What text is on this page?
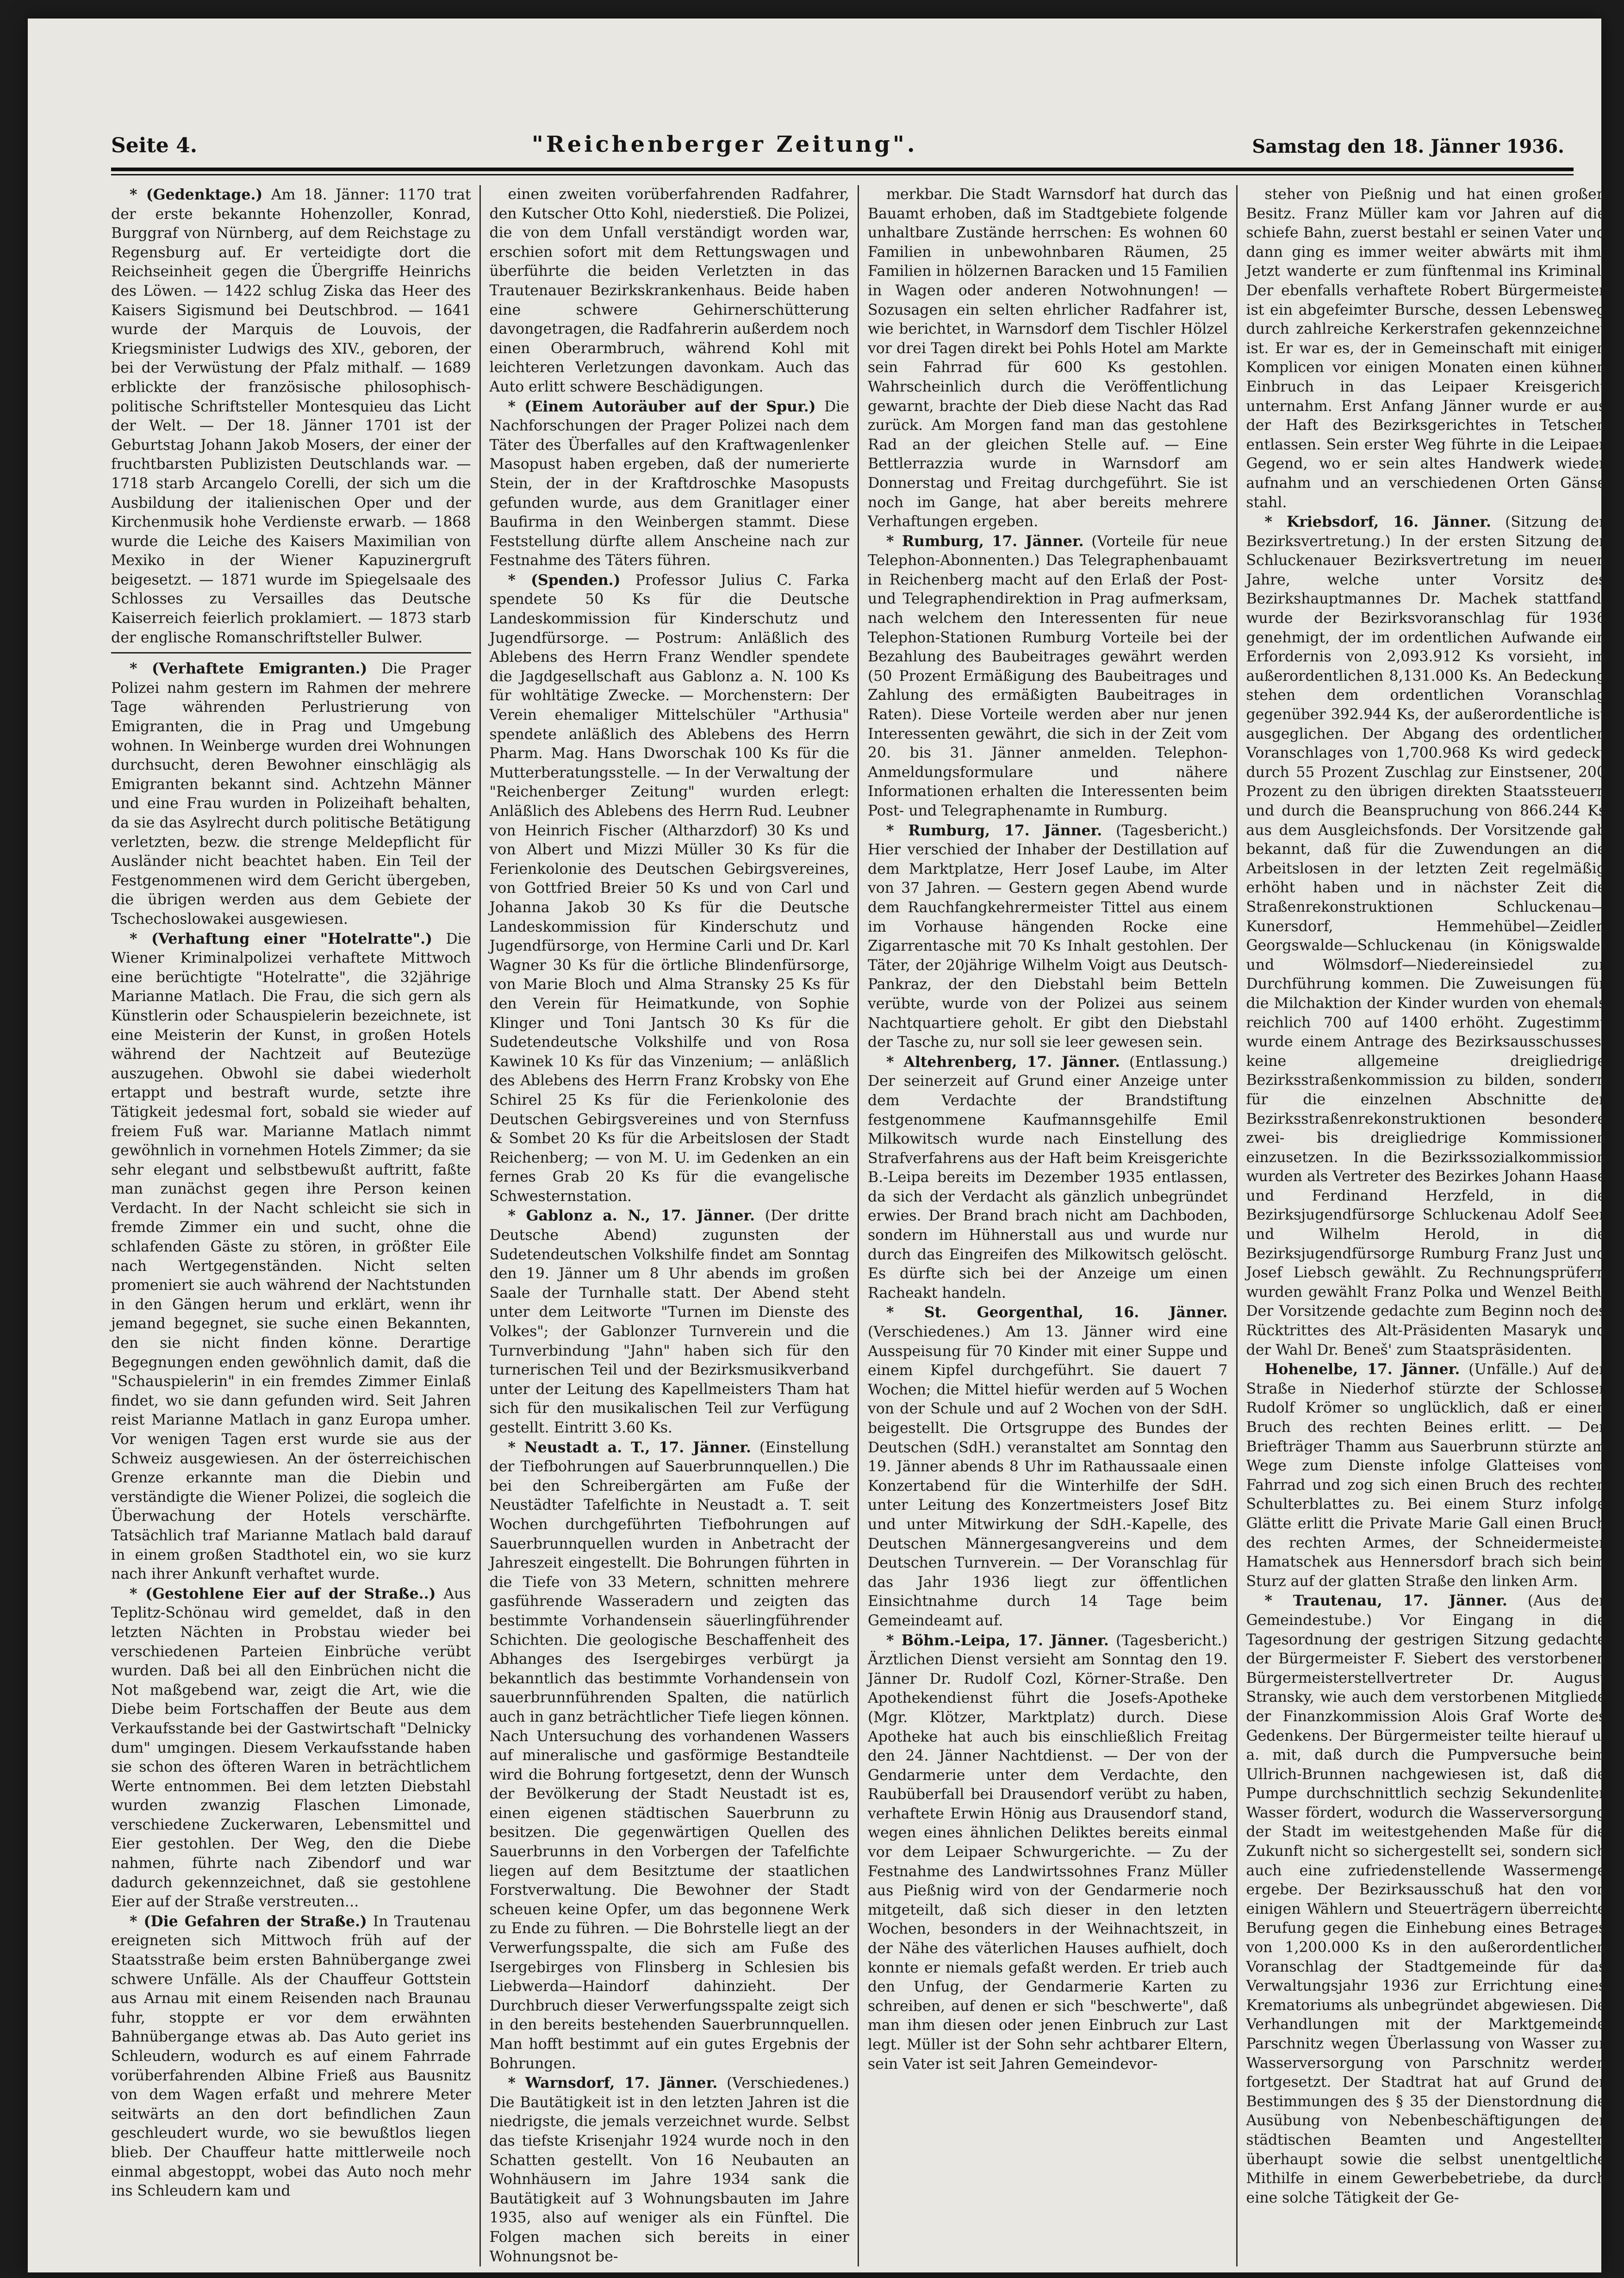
Seite 4.	"Reichenberger Zeitung".	Samstag den 18. Jänner 1936.

* (Gedenktage.) Am 18. Jänner: 1170 trat der erste bekannte Hohenzoller, Konrad, Burggraf von Nürnberg, auf dem Reichstage zu Regensburg auf. Er verteidigte dort die Reichseinheit gegen die Übergriffe Heinrichs des Löwen. — 1422 schlug Ziska das Heer des Kaisers Sigismund bei Deutschbrod. — 1641 wurde der Marquis de Louvois, der Kriegsminister Ludwigs des XIV., geboren, der bei der Verwüstung der Pfalz mithalf. — 1689 erblickte der französische philosophisch-politische Schriftsteller Montesquieu das Licht der Welt. — Der 18. Jänner 1701 ist der Geburtstag Johann Jakob Mosers, der einer der fruchtbarsten Publizisten Deutschlands war. — 1718 starb Arcangelo Corelli, der sich um die Ausbildung der italienischen Oper und der Kirchenmusik hohe Verdienste erwarb. — 1868 wurde die Leiche des Kaisers Maximilian von Mexiko in der Wiener Kapuzinergruft beigesetzt. — 1871 wurde im Spiegelsaale des Schlosses zu Versailles das Deutsche Kaiserreich feierlich proklamiert. — 1873 starb der englische Romanschriftsteller Bulwer.

* (Verhaftete Emigranten.) Die Prager Polizei nahm gestern im Rahmen der mehrere Tage währenden Perlustrierung von Emigranten, die in Prag und Umgebung wohnen. In Weinberge wurden drei Wohnungen durchsucht, deren Bewohner einschlägig als Emigranten bekannt sind. Achtzehn Männer und eine Frau wurden in Polizeihaft behalten, da sie das Asylrecht durch politische Betätigung verletzten, bezw. die strenge Meldepflicht für Ausländer nicht beachtet haben. Ein Teil der Festgenommenen wird dem Gericht übergeben, die übrigen werden aus dem Gebiete der Tschechoslowakei ausgewiesen.

* (Verhaftung einer "Hotelratte".) Die Wiener Kriminalpolizei verhaftete Mittwoch eine berüchtigte "Hotelratte", die 32jährige Marianne Matlach. Die Frau, die sich gern als Künstlerin oder Schauspielerin bezeichnete, ist eine Meisterin der Kunst, in großen Hotels während der Nachtzeit auf Beutezüge auszugehen. Obwohl sie dabei wiederholt ertappt und bestraft wurde, setzte ihre Tätigkeit jedesmal fort, sobald sie wieder auf freiem Fuß war. Marianne Matlach nimmt gewöhnlich in vornehmen Hotels Zimmer; da sie sehr elegant und selbstbewußt auftritt, faßte man zunächst gegen ihre Person keinen Verdacht. In der Nacht schleicht sie sich in fremde Zimmer ein und sucht, ohne die schlafenden Gäste zu stören, in größter Eile nach Wertgegenständen. Nicht selten promeniert sie auch während der Nachtstunden in den Gängen herum und erklärt, wenn ihr jemand begegnet, sie suche einen Bekannten, den sie nicht finden könne. Derartige Begegnungen enden gewöhnlich damit, daß die "Schauspielerin" in ein fremdes Zimmer Einlaß findet, wo sie dann gefunden wird. Seit Jahren reist Marianne Matlach in ganz Europa umher. Vor wenigen Tagen erst wurde sie aus der Schweiz ausgewiesen. An der österreichischen Grenze erkannte man die Diebin und verständigte die Wiener Polizei, die sogleich die Überwachung der Hotels verschärfte. Tatsächlich traf Marianne Matlach bald darauf in einem großen Stadthotel ein, wo sie kurz nach ihrer Ankunft verhaftet wurde.

* (Gestohlene Eier auf der Straße..) Aus Teplitz-Schönau wird gemeldet, daß in den letzten Nächten in Probstau wieder bei verschiedenen Parteien Einbrüche verübt wurden. Daß bei all den Einbrüchen nicht die Not maßgebend war, zeigt die Art, wie die Diebe beim Fortschaffen der Beute aus dem Verkaufsstande bei der Gastwirtschaft "Delnicky dum" umgingen. Diesem Verkaufsstande haben sie schon des öfteren Waren in beträchtlichem Werte entnommen. Bei dem letzten Diebstahl wurden zwanzig Flaschen Limonade, verschiedene Zuckerwaren, Lebensmittel und Eier gestohlen. Der Weg, den die Diebe nahmen, führte nach Zibendorf und war dadurch gekennzeichnet, daß sie gestohlene Eier auf der Straße verstreuten...

* (Die Gefahren der Straße.) In Trautenau ereigneten sich Mittwoch früh auf der Staatsstraße beim ersten Bahnübergange zwei schwere Unfälle. Als der Chauffeur Gottstein aus Arnau mit einem Reisenden nach Braunau fuhr, stoppte er vor dem erwähnten Bahnübergange etwas ab. Das Auto geriet ins Schleudern, wodurch es auf einem Fahrrade vorüberfahrenden Albine Frieß aus Bausnitz von dem Wagen erfaßt und mehrere Meter seitwärts an den dort befindlichen Zaun geschleudert wurde, wo sie bewußtlos liegen blieb. Der Chauffeur hatte mittlerweile noch einmal abgestoppt, wobei das Auto noch mehr ins Schleudern kam und

einen zweiten vorüberfahrenden Radfahrer, den Kutscher Otto Kohl, niederstieß. Die Polizei, die von dem Unfall verständigt worden war, erschien sofort mit dem Rettungswagen und überführte die beiden Verletzten in das Trautenauer Bezirkskrankenhaus. Beide haben eine schwere Gehirnerschütterung davongetragen, die Radfahrerin außerdem noch einen Oberarmbruch, während Kohl mit leichteren Verletzungen davonkam. Auch das Auto erlitt schwere Beschädigungen.

* (Einem Autoräuber auf der Spur.) Die Nachforschungen der Prager Polizei nach dem Täter des Überfalles auf den Kraftwagenlenker Masopust haben ergeben, daß der numerierte Stein, der in der Kraftdroschke Masopusts gefunden wurde, aus dem Granitlager einer Baufirma in den Weinbergen stammt. Diese Feststellung dürfte allem Anscheine nach zur Festnahme des Täters führen.

* (Spenden.) Professor Julius C. Farka spendete 50 Ks für die Deutsche Landeskommission für Kinderschutz und Jugendfürsorge. — Postrum: Anläßlich des Ablebens des Herrn Franz Wendler spendete die Jagdgesellschaft aus Gablonz a. N. 100 Ks für wohltätige Zwecke. — Morchenstern: Der Verein ehemaliger Mittelschüler "Arthusia" spendete anläßlich des Ablebens des Herrn Pharm. Mag. Hans Dworschak 100 Ks für die Mutterberatungsstelle. — In der Verwaltung der "Reichenberger Zeitung" wurden erlegt: Anläßlich des Ablebens des Herrn Rud. Leubner von Heinrich Fischer (Altharzdorf) 30 Ks und von Albert und Mizzi Müller 30 Ks für die Ferienkolonie des Deutschen Gebirgsvereines, von Gottfried Breier 50 Ks und von Carl und Johanna Jakob 30 Ks für die Deutsche Landeskommission für Kinderschutz und Jugendfürsorge, von Hermine Carli und Dr. Karl Wagner 30 Ks für die örtliche Blindenfürsorge, von Marie Bloch und Alma Stransky 25 Ks für den Verein für Heimatkunde, von Sophie Klinger und Toni Jantsch 30 Ks für die Sudetendeutsche Volkshilfe und von Rosa Kawinek 10 Ks für das Vinzenium; — anläßlich des Ablebens des Herrn Franz Krobsky von Ehe Schirel 25 Ks für die Ferienkolonie des Deutschen Gebirgsvereines und von Sternfuss & Sombet 20 Ks für die Arbeitslosen der Stadt Reichenberg; — von M. U. im Gedenken an ein fernes Grab 20 Ks für die evangelische Schwesternstation.

* Gablonz a. N., 17. Jänner. (Der dritte Deutsche Abend) zugunsten der Sudetendeutschen Volkshilfe findet am Sonntag den 19. Jänner um 8 Uhr abends im großen Saale der Turnhalle statt. Der Abend steht unter dem Leitworte "Turnen im Dienste des Volkes"; der Gablonzer Turnverein und die Turnverbindung "Jahn" haben sich für den turnerischen Teil und der Bezirksmusikverband unter der Leitung des Kapellmeisters Tham hat sich für den musikalischen Teil zur Verfügung gestellt. Eintritt 3.60 Ks.

* Neustadt a. T., 17. Jänner. (Einstellung der Tiefbohrungen auf Sauerbrunnquellen.) Die bei den Schreibergärten am Fuße der Neustädter Tafelfichte in Neustadt a. T. seit Wochen durchgeführten Tiefbohrungen auf Sauerbrunnquellen wurden in Anbetracht der Jahreszeit eingestellt. Die Bohrungen führten in die Tiefe von 33 Metern, schnitten mehrere gasführende Wasseradern und zeigten das bestimmte Vorhandensein säuerlingführender Schichten. Die geologische Beschaffenheit des Abhanges des Isergebirges verbürgt ja bekanntlich das bestimmte Vorhandensein von sauerbrunnführenden Spalten, die natürlich auch in ganz beträchtlicher Tiefe liegen können. Nach Untersuchung des vorhandenen Wassers auf mineralische und gasförmige Bestandteile wird die Bohrung fortgesetzt, denn der Wunsch der Bevölkerung der Stadt Neustadt ist es, einen eigenen städtischen Sauerbrunn zu besitzen. Die gegenwärtigen Quellen des Sauerbrunns in den Vorbergen der Tafelfichte liegen auf dem Besitztume der staatlichen Forstverwaltung. Die Bewohner der Stadt scheuen keine Opfer, um das begonnene Werk zu Ende zu führen. — Die Bohrstelle liegt an der Verwerfungsspalte, die sich am Fuße des Isergebirges von Flinsberg in Schlesien bis Liebwerda—Haindorf dahinzieht. Der Durchbruch dieser Verwerfungsspalte zeigt sich in den bereits bestehenden Sauerbrunnquellen. Man hofft bestimmt auf ein gutes Ergebnis der Bohrungen.

* Warnsdorf, 17. Jänner. (Verschiedenes.) Die Bautätigkeit ist in den letzten Jahren ist die niedrigste, die jemals verzeichnet wurde. Selbst das tiefste Krisenjahr 1924 wurde noch in den Schatten gestellt. Von 16 Neubauten an Wohnhäusern im Jahre 1934 sank die Bautätigkeit auf 3 Wohnungsbauten im Jahre 1935, also auf weniger als ein Fünftel. Die Folgen machen sich bereits in einer Wohnungsnot be-

merkbar. Die Stadt Warnsdorf hat durch das Bauamt erhoben, daß im Stadtgebiete folgende unhaltbare Zustände herrschen: Es wohnen 60 Familien in unbewohnbaren Räumen, 25 Familien in hölzernen Baracken und 15 Familien in Wagen oder anderen Notwohnungen! — Sozusagen ein selten ehrlicher Radfahrer ist, wie berichtet, in Warnsdorf dem Tischler Hölzel vor drei Tagen direkt bei Pohls Hotel am Markte sein Fahrrad für 600 Ks gestohlen. Wahrscheinlich durch die Veröffentlichung gewarnt, brachte der Dieb diese Nacht das Rad zurück. Am Morgen fand man das gestohlene Rad an der gleichen Stelle auf. — Eine Bettlerrazzia wurde in Warnsdorf am Donnerstag und Freitag durchgeführt. Sie ist noch im Gange, hat aber bereits mehrere Verhaftungen ergeben.

* Rumburg, 17. Jänner. (Vorteile für neue Telephon-Abonnenten.) Das Telegraphenbauamt in Reichenberg macht auf den Erlaß der Post- und Telegraphendirektion in Prag aufmerksam, nach welchem den Interessenten für neue Telephon-Stationen Rumburg Vorteile bei der Bezahlung des Baubeitrages gewährt werden (50 Prozent Ermäßigung des Baubeitrages und Zahlung des ermäßigten Baubeitrages in Raten). Diese Vorteile werden aber nur jenen Interessenten gewährt, die sich in der Zeit vom 20. bis 31. Jänner anmelden. Telephon-Anmeldungsformulare und nähere Informationen erhalten die Interessenten beim Post- und Telegraphenamte in Rumburg.

* Rumburg, 17. Jänner. (Tagesbericht.) Hier verschied der Inhaber der Destillation auf dem Marktplatze, Herr Josef Laube, im Alter von 37 Jahren. — Gestern gegen Abend wurde dem Rauchfangkehrermeister Tittel aus einem im Vorhause hängenden Rocke eine Zigarrentasche mit 70 Ks Inhalt gestohlen. Der Täter, der 20jährige Wilhelm Voigt aus Deutsch-Pankraz, der den Diebstahl beim Betteln verübte, wurde von der Polizei aus seinem Nachtquartiere geholt. Er gibt den Diebstahl der Tasche zu, nur soll sie leer gewesen sein.

* Altehrenberg, 17. Jänner. (Entlassung.) Der seinerzeit auf Grund einer Anzeige unter dem Verdachte der Brandstiftung festgenommene Kaufmannsgehilfe Emil Milkowitsch wurde nach Einstellung des Strafverfahrens aus der Haft beim Kreisgerichte B.-Leipa bereits im Dezember 1935 entlassen, da sich der Verdacht als gänzlich unbegründet erwies. Der Brand brach nicht am Dachboden, sondern im Hühnerstall aus und wurde nur durch das Eingreifen des Milkowitsch gelöscht. Es dürfte sich bei der Anzeige um einen Racheakt handeln.

* St. Georgenthal, 16. Jänner. (Verschiedenes.) Am 13. Jänner wird eine Ausspeisung für 70 Kinder mit einer Suppe und einem Kipfel durchgeführt. Sie dauert 7 Wochen; die Mittel hiefür werden auf 5 Wochen von der Schule und auf 2 Wochen von der SdH. beigestellt. Die Ortsgruppe des Bundes der Deutschen (SdH.) veranstaltet am Sonntag den 19. Jänner abends 8 Uhr im Rathaussaale einen Konzertabend für die Winterhilfe der SdH. unter Leitung des Konzertmeisters Josef Bitz und unter Mitwirkung der SdH.-Kapelle, des Deutschen Männergesangvereins und dem Deutschen Turnverein. — Der Voranschlag für das Jahr 1936 liegt zur öffentlichen Einsichtnahme durch 14 Tage beim Gemeindeamt auf.

* Böhm.-Leipa, 17. Jänner. (Tagesbericht.) Ärztlichen Dienst versieht am Sonntag den 19. Jänner Dr. Rudolf Cozl, Körner-Straße. Den Apothekendienst führt die Josefs-Apotheke (Mgr. Klötzer, Marktplatz) durch. Diese Apotheke hat auch bis einschließlich Freitag den 24. Jänner Nachtdienst. — Der von der Gendarmerie unter dem Verdachte, den Raubüberfall bei Drausendorf verübt zu haben, verhaftete Erwin Hönig aus Drausendorf stand, wegen eines ähnlichen Deliktes bereits einmal vor dem Leipaer Schwurgerichte. — Zu der Festnahme des Landwirtssohnes Franz Müller aus Pießnig wird von der Gendarmerie noch mitgeteilt, daß sich dieser in den letzten Wochen, besonders in der Weihnachtszeit, in der Nähe des väterlichen Hauses aufhielt, doch konnte er niemals gefaßt werden. Er trieb auch den Unfug, der Gendarmerie Karten zu schreiben, auf denen er sich "beschwerte", daß man ihm diesen oder jenen Einbruch zur Last legt. Müller ist der Sohn sehr achtbarer Eltern, sein Vater ist seit Jahren Gemeindevor-

steher von Pießnig und hat einen großen Besitz. Franz Müller kam vor Jahren auf die schiefe Bahn, zuerst bestahl er seinen Vater und dann ging es immer weiter abwärts mit ihm. Jetzt wanderte er zum fünftenmal ins Kriminal. Der ebenfalls verhaftete Robert Bürgermeister ist ein abgefeimter Bursche, dessen Lebensweg durch zahlreiche Kerkerstrafen gekennzeichnet ist. Er war es, der in Gemeinschaft mit einigen Komplicen vor einigen Monaten einen kühnen Einbruch in das Leipaer Kreisgericht unternahm. Erst Anfang Jänner wurde er aus der Haft des Bezirksgerichtes in Tetschen entlassen. Sein erster Weg führte in die Leipaer Gegend, wo er sein altes Handwerk wieder aufnahm und an verschiedenen Orten Gänse stahl.

* Kriebsdorf, 16. Jänner. (Sitzung der Bezirksvertretung.) In der ersten Sitzung der Schluckenauer Bezirksvertretung im neuen Jahre, welche unter Vorsitz des Bezirkshauptmannes Dr. Machek stattfand, wurde der Bezirksvoranschlag für 1936 genehmigt, der im ordentlichen Aufwande ein Erfordernis von 2,093.912 Ks vorsieht, im außerordentlichen 8,131.000 Ks. An Bedeckung stehen dem ordentlichen Voranschlag gegenüber 392.944 Ks, der außerordentliche ist ausgeglichen. Der Abgang des ordentlichen Voranschlages von 1,700.968 Ks wird gedeckt durch 55 Prozent Zuschlag zur Einstsener, 200 Prozent zu den übrigen direkten Staatssteuern und durch die Beanspruchung von 866.244 Ks aus dem Ausgleichsfonds. Der Vorsitzende gab bekannt, daß für die Zuwendungen an die Arbeitslosen in der letzten Zeit regelmäßig erhöht haben und in nächster Zeit die Straßenrekonstruktionen Schluckenau—Kunersdorf, Hemmehübel—Zeidler, Georgswalde—Schluckenau (in Königswalde) und Wölmsdorf—Niedereinsiedel zur Durchführung kommen. Die Zuweisungen für die Milchaktion der Kinder wurden von ehemals reichlich 700 auf 1400 erhöht. Zugestimmt wurde einem Antrage des Bezirksausschusses, keine allgemeine dreigliedrige Bezirksstraßenkommission zu bilden, sondern für die einzelnen Abschnitte der Bezirksstraßenrekonstruktionen besondere zwei- bis dreigliedrige Kommissionen einzusetzen. In die Bezirkssozialkommission wurden als Vertreter des Bezirkes Johann Haase und Ferdinand Herzfeld, in die Bezirksjugendfürsorge Schluckenau Adolf Seer und Wilhelm Herold, in die Bezirksjugendfürsorge Rumburg Franz Just und Josef Liebsch gewählt. Zu Rechnungsprüfern wurden gewählt Franz Polka und Wenzel Beith. Der Vorsitzende gedachte zum Beginn noch des Rücktrittes des Alt-Präsidenten Masaryk und der Wahl Dr. Beneš' zum Staatspräsidenten.

Hohenelbe, 17. Jänner. (Unfälle.) Auf der Straße in Niederhof stürzte der Schlosser Rudolf Krömer so unglücklich, daß er einen Bruch des rechten Beines erlitt. — Der Briefträger Thamm aus Sauerbrunn stürzte am Wege zum Dienste infolge Glatteises vom Fahrrad und zog sich einen Bruch des rechten Schulterblattes zu. Bei einem Sturz infolge Glätte erlitt die Private Marie Gall einen Bruch des rechten Armes, der Schneidermeister Hamatschek aus Hennersdorf brach sich beim Sturz auf der glatten Straße den linken Arm.

* Trautenau, 17. Jänner. (Aus der Gemeindestube.) Vor Eingang in die Tagesordnung der gestrigen Sitzung gedachte der Bürgermeister F. Siebert des verstorbenen Bürgermeisterstellvertreter Dr. August Stransky, wie auch dem verstorbenen Mitgliede der Finanzkommission Alois Graf Worte des Gedenkens. Der Bürgermeister teilte hierauf u. a. mit, daß durch die Pumpversuche beim Ullrich-Brunnen nachgewiesen ist, daß die Pumpe durchschnittlich sechzig Sekundenliter Wasser fördert, wodurch die Wasserversorgung der Stadt im weitestgehenden Maße für die Zukunft nicht so sichergestellt sei, sondern sich auch eine zufriedenstellende Wassermenge ergebe. Der Bezirksausschuß hat den von einigen Wählern und Steuerträgern überreichte Berufung gegen die Einhebung eines Betrages von 1,200.000 Ks in den außerordentlichen Voranschlag der Stadtgemeinde für das Verwaltungsjahr 1936 zur Errichtung eines Krematoriums als unbegründet abgewiesen. Die Verhandlungen mit der Marktgemeinde Parschnitz wegen Überlassung von Wasser zur Wasserversorgung von Parschnitz werden fortgesetzt. Der Stadtrat hat auf Grund der Bestimmungen des § 35 der Dienstordnung die Ausübung von Nebenbeschäftigungen der städtischen Beamten und Angestellten überhaupt sowie die selbst unentgeltliche Mithilfe in einem Gewerbebetriebe, da durch eine solche Tätigkeit der Ge-
